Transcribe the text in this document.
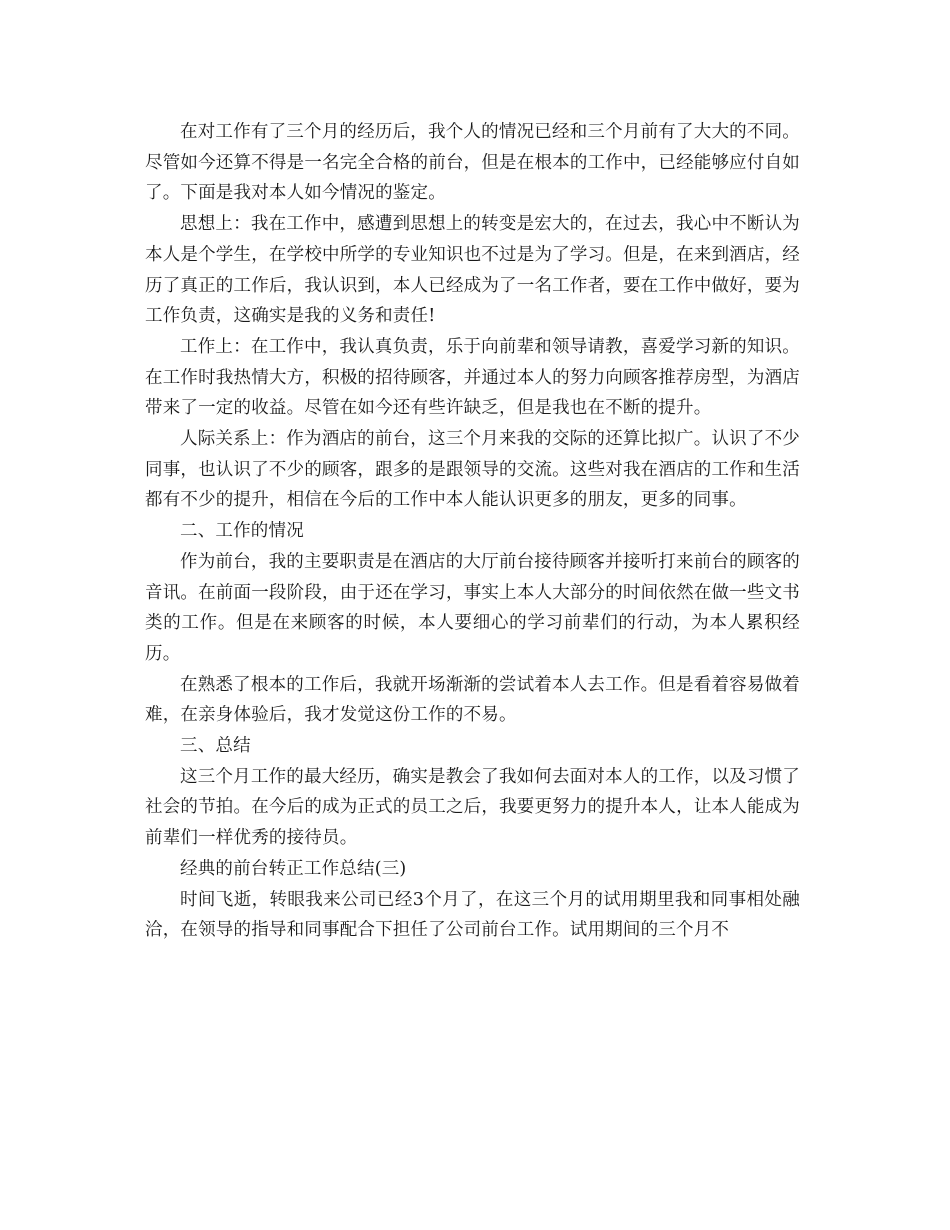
在对工作有了三个月的经历后，我个人的情况已经和三个月前有了大大的不同。尽管如今还算不得是一名完全合格的前台，但是在根本的工作中，已经能够应付自如了。下面是我对本人如今情况的鉴定。

思想上：我在工作中，感遭到思想上的转变是宏大的，在过去，我心中不断认为本人是个学生，在学校中所学的专业知识也不过是为了学习。但是，在来到酒店，经历了真正的工作后，我认识到，本人已经成为了一名工作者，要在工作中做好，要为工作负责，这确实是我的义务和责任!

工作上：在工作中，我认真负责，乐于向前辈和领导请教，喜爱学习新的知识。在工作时我热情大方，积极的招待顾客，并通过本人的努力向顾客推荐房型，为酒店带来了一定的收益。尽管在如今还有些许缺乏，但是我也在不断的提升。

人际关系上：作为酒店的前台，这三个月来我的交际的还算比拟广。认识了不少同事，也认识了不少的顾客，跟多的是跟领导的交流。这些对我在酒店的工作和生活都有不少的提升，相信在今后的工作中本人能认识更多的朋友，更多的同事。

二、工作的情况

作为前台，我的主要职责是在酒店的大厅前台接待顾客并接听打来前台的顾客的音讯。在前面一段阶段，由于还在学习，事实上本人大部分的时间依然在做一些文书类的工作。但是在来顾客的时候，本人要细心的学习前辈们的行动，为本人累积经历。

在熟悉了根本的工作后，我就开场渐渐的尝试着本人去工作。但是看着容易做着难，在亲身体验后，我才发觉这份工作的不易。

三、总结

这三个月工作的最大经历，确实是教会了我如何去面对本人的工作，以及习惯了社会的节拍。在今后的成为正式的员工之后，我要更努力的提升本人，让本人能成为前辈们一样优秀的接待员。

经典的前台转正工作总结(三)

时间飞逝，转眼我来公司已经3个月了，在这三个月的试用期里我和同事相处融洽，在领导的指导和同事配合下担任了公司前台工作。试用期间的三个月不
